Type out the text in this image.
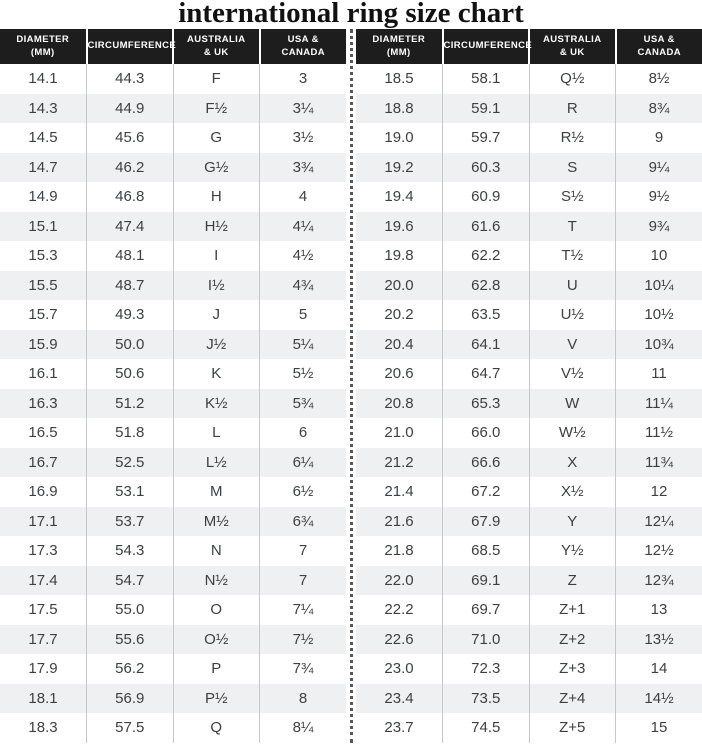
international ring size chart
DIAMETER
(MM)	CIRCUMFERENCE	AUSTRALIA
& UK	USA &
CANADA
14.1	44.3	F	3
14.3	44.9	F½	3¼
14.5	45.6	G	3½
14.7	46.2	G½	3¾
14.9	46.8	H	4
15.1	47.4	H½	4¼
15.3	48.1	I	4½
15.5	48.7	I½	4¾
15.7	49.3	J	5
15.9	50.0	J½	5¼
16.1	50.6	K	5½
16.3	51.2	K½	5¾
16.5	51.8	L	6
16.7	52.5	L½	6¼
16.9	53.1	M	6½
17.1	53.7	M½	6¾
17.3	54.3	N	7
17.4	54.7	N½	7
17.5	55.0	O	7¼
17.7	55.6	O½	7½
17.9	56.2	P	7¾
18.1	56.9	P½	8
18.3	57.5	Q	8¼
DIAMETER
(MM)	CIRCUMFERENCE	AUSTRALIA
& UK	USA &
CANADA
18.5	58.1	Q½	8½
18.8	59.1	R	8¾
19.0	59.7	R½	9
19.2	60.3	S	9¼
19.4	60.9	S½	9½
19.6	61.6	T	9¾
19.8	62.2	T½	10
20.0	62.8	U	10¼
20.2	63.5	U½	10½
20.4	64.1	V	10¾
20.6	64.7	V½	11
20.8	65.3	W	11¼
21.0	66.0	W½	11½
21.2	66.6	X	11¾
21.4	67.2	X½	12
21.6	67.9	Y	12¼
21.8	68.5	Y½	12½
22.0	69.1	Z	12¾
22.2	69.7	Z+1	13
22.6	71.0	Z+2	13½
23.0	72.3	Z+3	14
23.4	73.5	Z+4	14½
23.7	74.5	Z+5	15
